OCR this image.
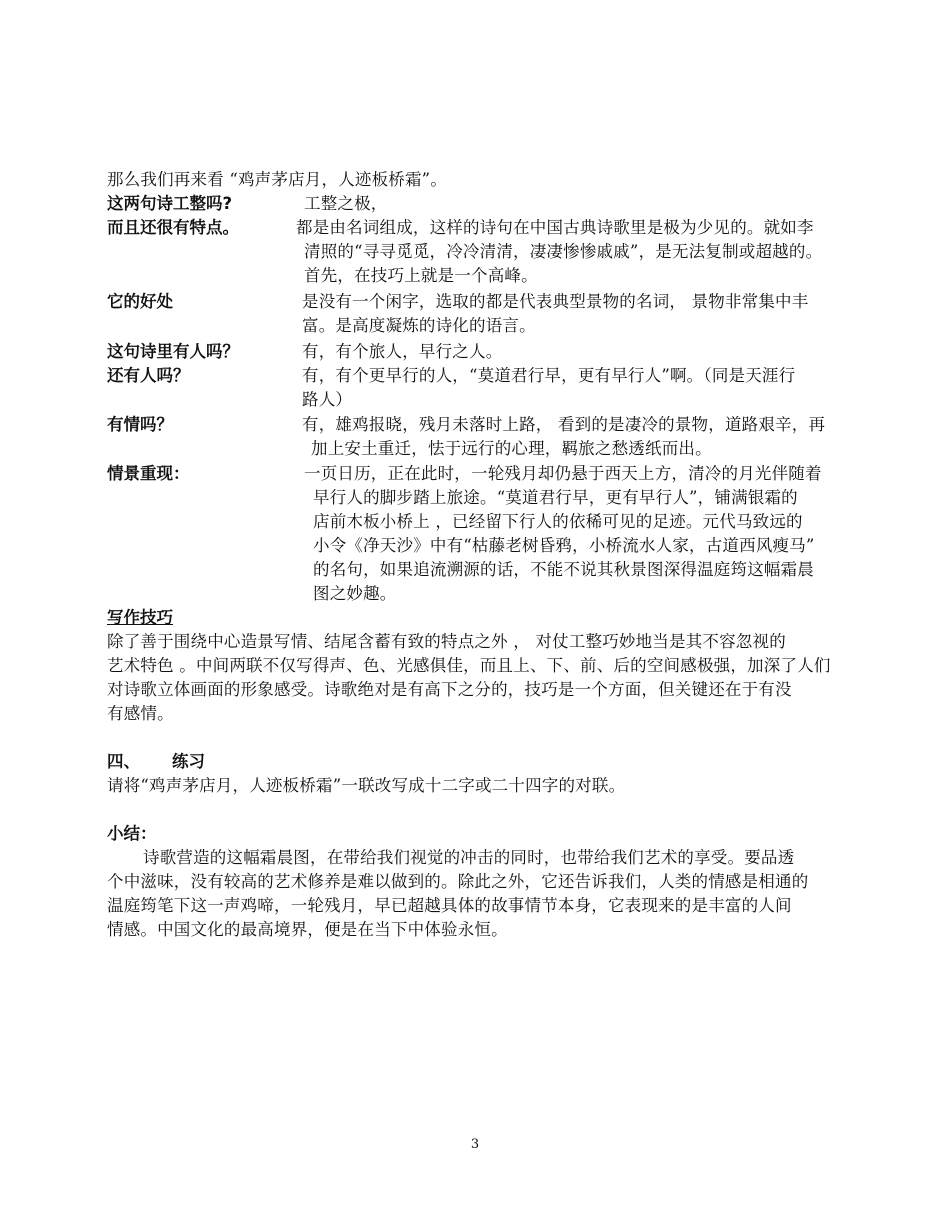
那么我们再来看 “鸡声茅店月，人迹板桥霜”。
这两句诗工整吗?	工整之极，
而且还很有特点。	都是由名词组成，这样的诗句在中国古典诗歌里是极为少见的。就如李
清照的“寻寻觅觅，冷冷清清，凄凄惨惨戚戚”，是无法复制或超越的。
首先，在技巧上就是一个高峰。
它的好处	是没有一个闲字，选取的都是代表典型景物的名词， 景物非常集中丰
富。是高度凝炼的诗化的语言。
这句诗里有人吗？	有，有个旅人，早行之人。
还有人吗？	有，有个更早行的人，“莫道君行早，更有早行人”啊。（同是天涯行
路人）
有情吗？	有，雄鸡报晓，残月未落时上路， 看到的是凄冷的景物，道路艰辛，再
加上安土重迁，怯于远行的心理，羁旅之愁透纸而出。
情景重现：	一页日历，正在此时，一轮残月却仍悬于西天上方，清冷的月光伴随着
早行人的脚步踏上旅途。“莫道君行早，更有早行人”，铺满银霜的
店前木板小桥上 ，已经留下行人的依稀可见的足迹。元代马致远的
小令《净天沙》中有“枯藤老树昏鸦，小桥流水人家，古道西风瘦马”
的名句，如果追流溯源的话，不能不说其秋景图深得温庭筠这幅霜晨
图之妙趣。
写作技巧
除了善于围绕中心造景写情、结尾含蓄有致的特点之外 ， 对仗工整巧妙地当是其不容忽视的
艺术特色 。中间两联不仅写得声、色、光感俱佳，而且上、下、前、后的空间感极强，加深了人们
对诗歌立体画面的形象感受。诗歌绝对是有高下之分的，技巧是一个方面，但关键还在于有没
有感情。
四、 练习
请将“鸡声茅店月，人迹板桥霜”一联改写成十二字或二十四字的对联。
小结：
诗歌营造的这幅霜晨图，在带给我们视觉的冲击的同时，也带给我们艺术的享受。要品透
个中滋味，没有较高的艺术修养是难以做到的。除此之外，它还告诉我们，人类的情感是相通的
温庭筠笔下这一声鸡啼，一轮残月，早已超越具体的故事情节本身，它表现来的是丰富的人间
情感。中国文化的最高境界，便是在当下中体验永恒。
3
